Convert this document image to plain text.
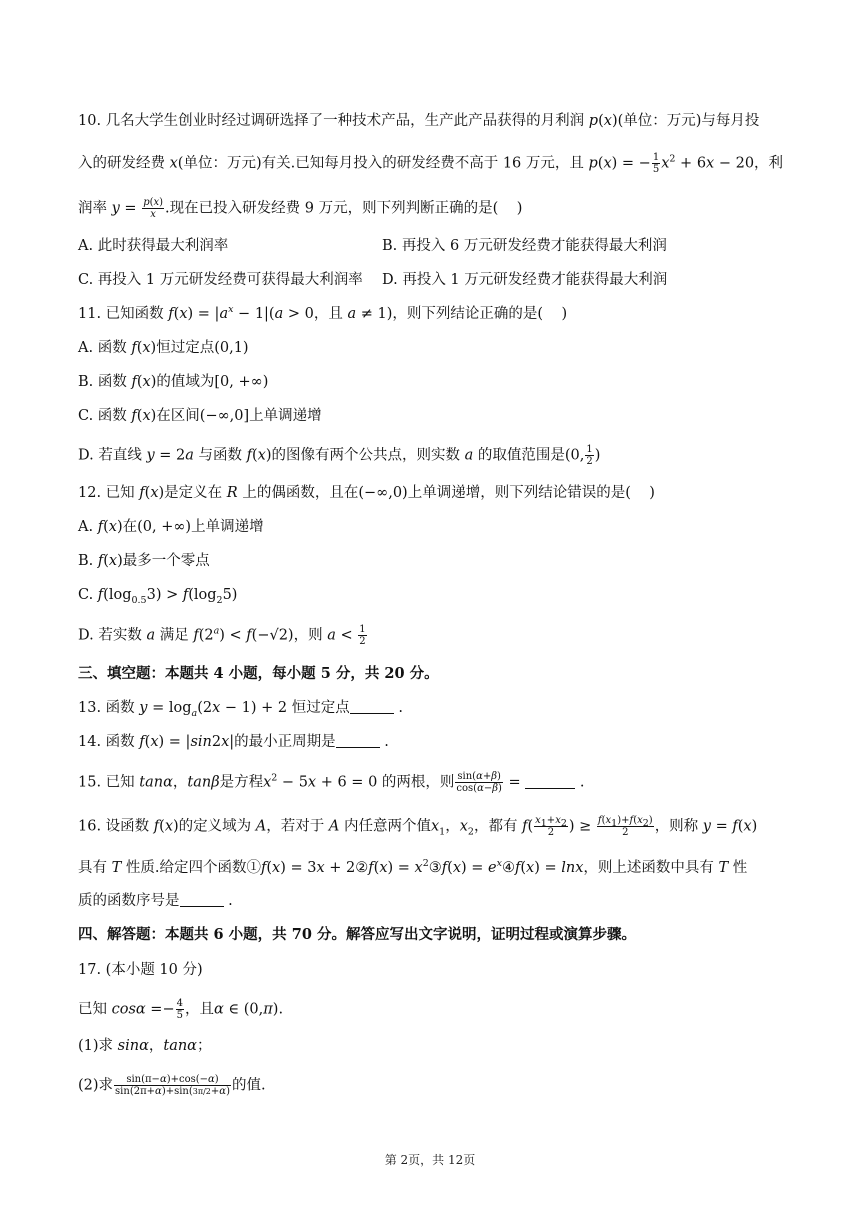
10. 几名大学生创业时经过调研选择了一种技术产品，生产此产品获得的月利润 p(x)(单位：万元)与每月投
入的研发经费 x(单位：万元)有关.已知每月投入的研发经费不高于 16 万元，且 p(x) = − $\frac{1}{5} x^2 + 6x - 20$，利
润率 $y = \frac{p(x)}{x}$ .现在已投入研发经费 9 万元，则下列判断正确的是(    )
A. 此时获得最大利润率	B. 再投入 6 万元研发经费才能获得最大利润
C. 再投入 1 万元研发经费可获得最大利润率 D. 再投入 1 万元研发经费才能获得最大利润
11. 已知函数 $f(x) = |a^x - 1|(a > 0$，且 a ≠ 1)，则下列结论正确的是(    )
A. 函数 f(x)恒过定点(0,1)
B. 函数 f(x)的值域为[0, +∞)
C. 函数 f(x)在区间(−∞,0]上单调递增
D. 若直线 y = 2a 与函数 f(x)的图像有两个公共点，则实数 a 的取值范围是(0, $\frac{1}{2}$ )
12. 已知 f(x)是定义在 R 上的偶函数，且在(−∞,0)上单调递增，则下列结论错误的是(    )
A. f(x)在(0, +∞)上单调递增
B. f(x)最多一个零点
C. $f(\log_{0.5}3) > f(\log_25)$
D. 若实数 a 满足 $f(2^a) < f(-√2)$，则 $a < \frac{1}{2}$
三、填空题：本题共 4 小题，每小题 5 分，共 20 分。
13. 函数 $y = \log_a(2x - 1) + 2$ 恒过定点	.
14. 函数 f(x) = |sin2x|的最小正周期是	.
15. 已知 tanα，tanβ是方程$x^2 - 5x + 6 = 0$ 的两根，则 $\frac{\sin(\alpha+\beta)}{\cos(\alpha-\beta)}$ =	.
16. 设函数 f(x)的定义域为 A，若对于 A 内任意两个值$x_1$，$x_2$，都有 $f( \frac{x_1+x_2}{2}$ ) ≥ $\frac{f(x_1)+f(x_2)}{2}$ ，则称 y = f(x)
具有 T 性质.给定四个函数①f(x) = 3x + 2②f(x) = $x^2③f(x)$ = $e^x④f(x) = \ln x$，则上述函数中具有 T 性
质的函数序号是	.
四、解答题：本题共 6 小题，共 70 分。解答应写出文字说明，证明过程或演算步骤。
17. (本小题 10 分)
已知 $\cos\alpha =- \frac{4}{5}$ ，且α ∈ (0,π).
(1)求 sinα，tanα；
(2)求 $\frac{\sin(\pi-\alpha)+\cos(-\alpha)}{\sin(2\pi+\alpha)+\sin(3\pi/2+\alpha)}$ 的值.
第 2页，共 12页
